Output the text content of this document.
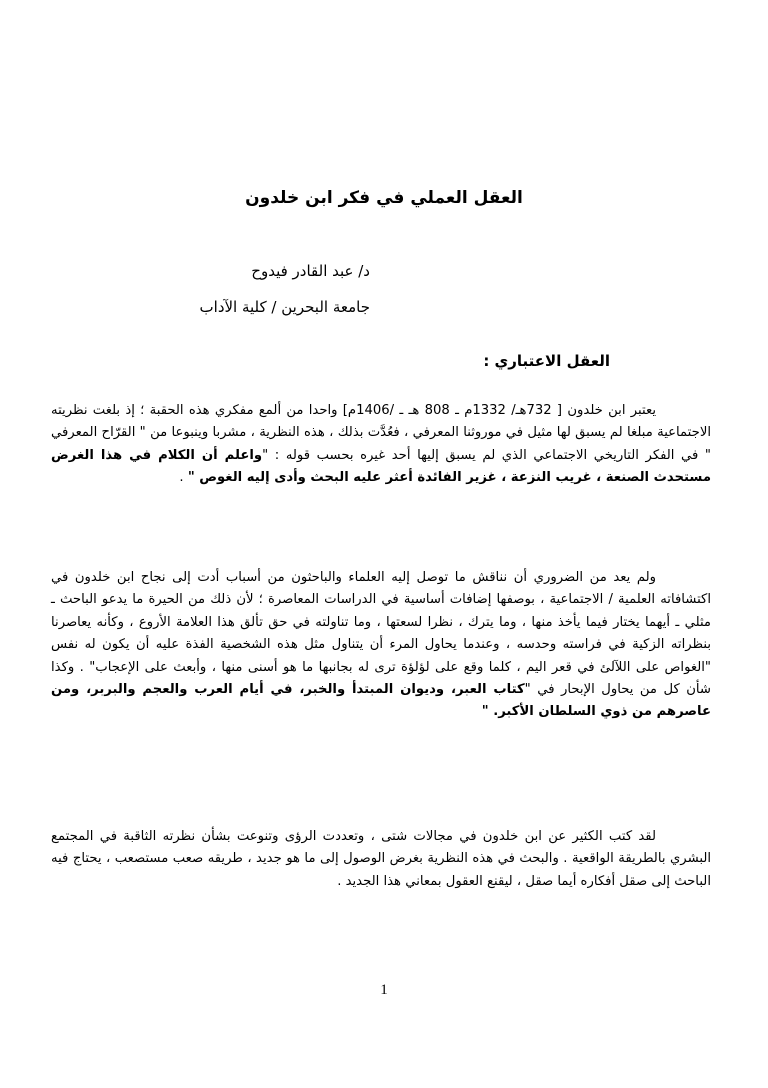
العقل العملي في فكر ابن خلدون

د/ عبد القادر فيدوح

جامعة البحرين / كلية الآداب

العقل الاعتباري :

يعتبر ابن خلدون [ 732هـ/ 1332م ـ 808 هـ ـ /1406م] واحدا من ألمع مفكري هذه الحقبة ؛ إذ بلغت نظريته الاجتماعية مبلغا لم يسبق لها مثيل في موروثنا المعرفي ، فعُدَّت بذلك ، هذه النظرية ، مشربا وينبوعا من " القرّاح المعرفي " في الفكر التاريخي الاجتماعي الذي لم يسبق إليها أحد غيره بحسب قوله : "واعلم أن الكلام في هذا الغرض مستحدث الصنعة ، غريب النزعة ، غزير الفائدة أعثر عليه البحث وأدى إليه الغوص " .

ولم يعد من الضروري أن نناقش ما توصل إليه العلماء والباحثون من أسباب أدت إلى نجاح ابن خلدون في اكتشافاته العلمية / الاجتماعية ، بوصفها إضافات أساسية في الدراسات المعاصرة ؛ لأن ذلك من الحيرة ما يدعو الباحث ـ مثلي ـ أيهما يختار فيما يأخذ منها ، وما يترك ، نظرا لسعتها ، وما تناولته في حق تألق هذا العلامة الأروع ، وكأنه يعاصرنا بنظراته الزكية في فراسته وحدسه ، وعندما يحاول المرء أن يتناول مثل هذه الشخصية الفذة عليه أن يكون له نفس "الغواص على اللآلئ في قعر اليم ، كلما وقع على لؤلؤة ترى له بجانبها ما هو أسنى منها ، وأبعث على الإعجاب" . وكذا شأن كل من يحاول الإبحار في "كتاب العبر، وديوان المبتدأ والخبر، في أيام العرب والعجم والبربر، ومن عاصرهم من ذوي السلطان الأكبر. "

لقد كتب الكثير عن ابن خلدون في مجالات شتى ، وتعددت الرؤى وتنوعت بشأن نظرته الثاقبة في المجتمع البشري بالطريقة الواقعية . والبحث في هذه النظرية بغرض الوصول إلى ما هو جديد ، طريقه صعب مستصعب ، يحتاج فيه الباحث إلى صقل أفكاره أيما صقل ، ليقنع العقول بمعاني هذا الجديد .

1
